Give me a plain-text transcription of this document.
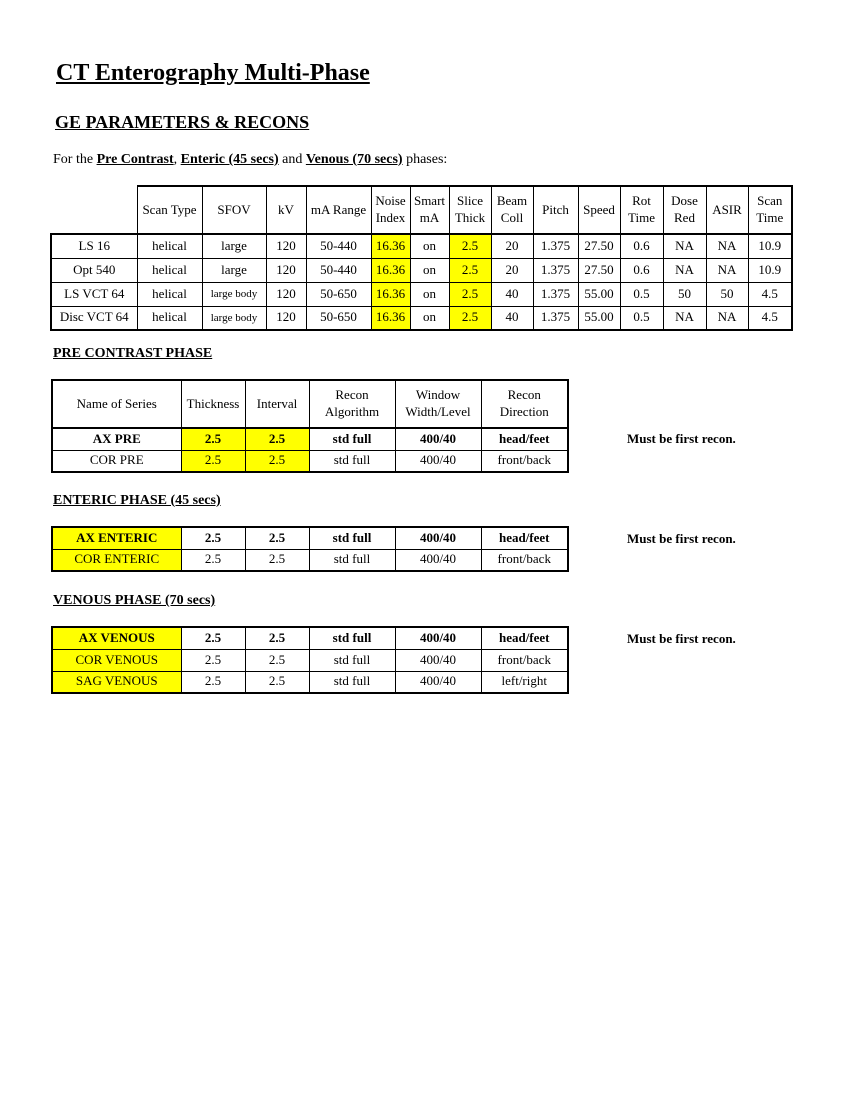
CT Enterography Multi-Phase
GE PARAMETERS & RECONS
For the Pre Contrast, Enteric (45 secs) and Venous (70 secs) phases:
	Scan Type	SFOV	kV	mA Range	Noise Index	Smart mA	Slice Thick	Beam Coll	Pitch	Speed	Rot Time	Dose Red	ASIR	Scan Time
LS 16	helical	large	120	50-440	16.36	on	2.5	20	1.375	27.50	0.6	NA	NA	10.9
Opt 540	helical	large	120	50-440	16.36	on	2.5	20	1.375	27.50	0.6	NA	NA	10.9
LS VCT 64	helical	large body	120	50-650	16.36	on	2.5	40	1.375	55.00	0.5	50	50	4.5
Disc VCT 64	helical	large body	120	50-650	16.36	on	2.5	40	1.375	55.00	0.5	NA	NA	4.5
PRE CONTRAST PHASE
Name of Series	Thickness	Interval	Recon Algorithm	Window Width/Level	Recon Direction
AX PRE	2.5	2.5	std full	400/40	head/feet
COR PRE	2.5	2.5	std full	400/40	front/back
Must be first recon.
ENTERIC PHASE (45 secs)
AX ENTERIC	2.5	2.5	std full	400/40	head/feet
COR ENTERIC	2.5	2.5	std full	400/40	front/back
Must be first recon.
VENOUS PHASE (70 secs)
AX VENOUS	2.5	2.5	std full	400/40	head/feet
COR VENOUS	2.5	2.5	std full	400/40	front/back
SAG VENOUS	2.5	2.5	std full	400/40	left/right
Must be first recon.
